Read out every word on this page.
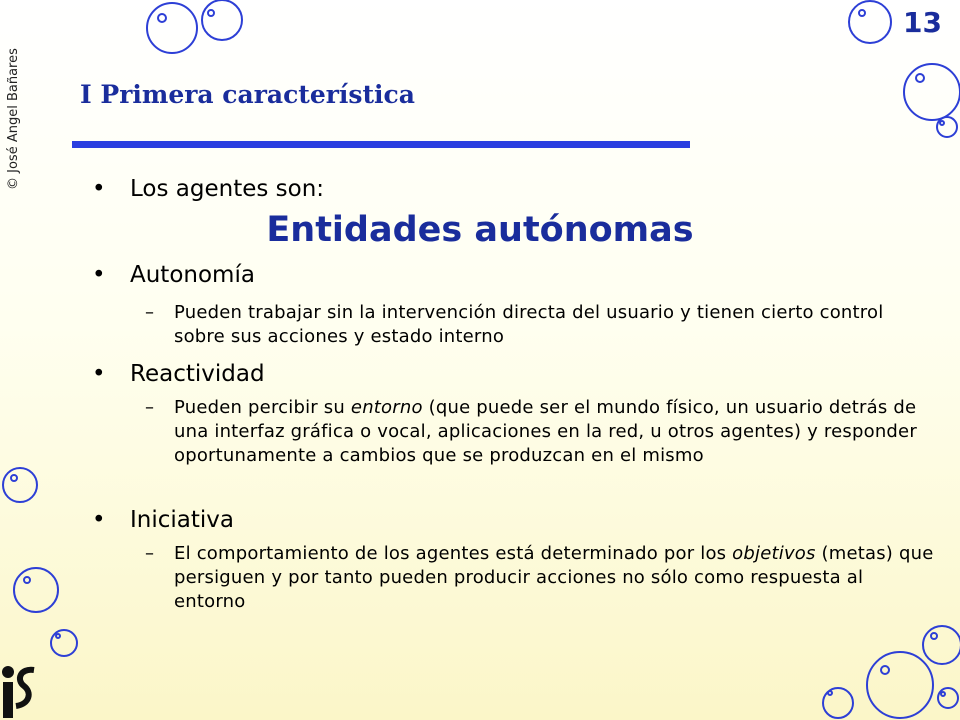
© José Angel Bañares
13
I Primera característica
• Los agentes son:
Entidades autónomas
• Autonomía
– Pueden trabajar sin la intervención directa del usuario y tienen cierto control sobre sus acciones y estado interno
• Reactividad
– Pueden percibir su entorno (que puede ser el mundo físico, un usuario detrás de una interfaz gráfica o vocal, aplicaciones en la red, u otros agentes) y responder oportunamente a cambios que se produzcan en el mismo
• Iniciativa
– El comportamiento de los agentes está determinado por los objetivos (metas) que persiguen y por tanto pueden producir acciones no sólo como respuesta al entorno
